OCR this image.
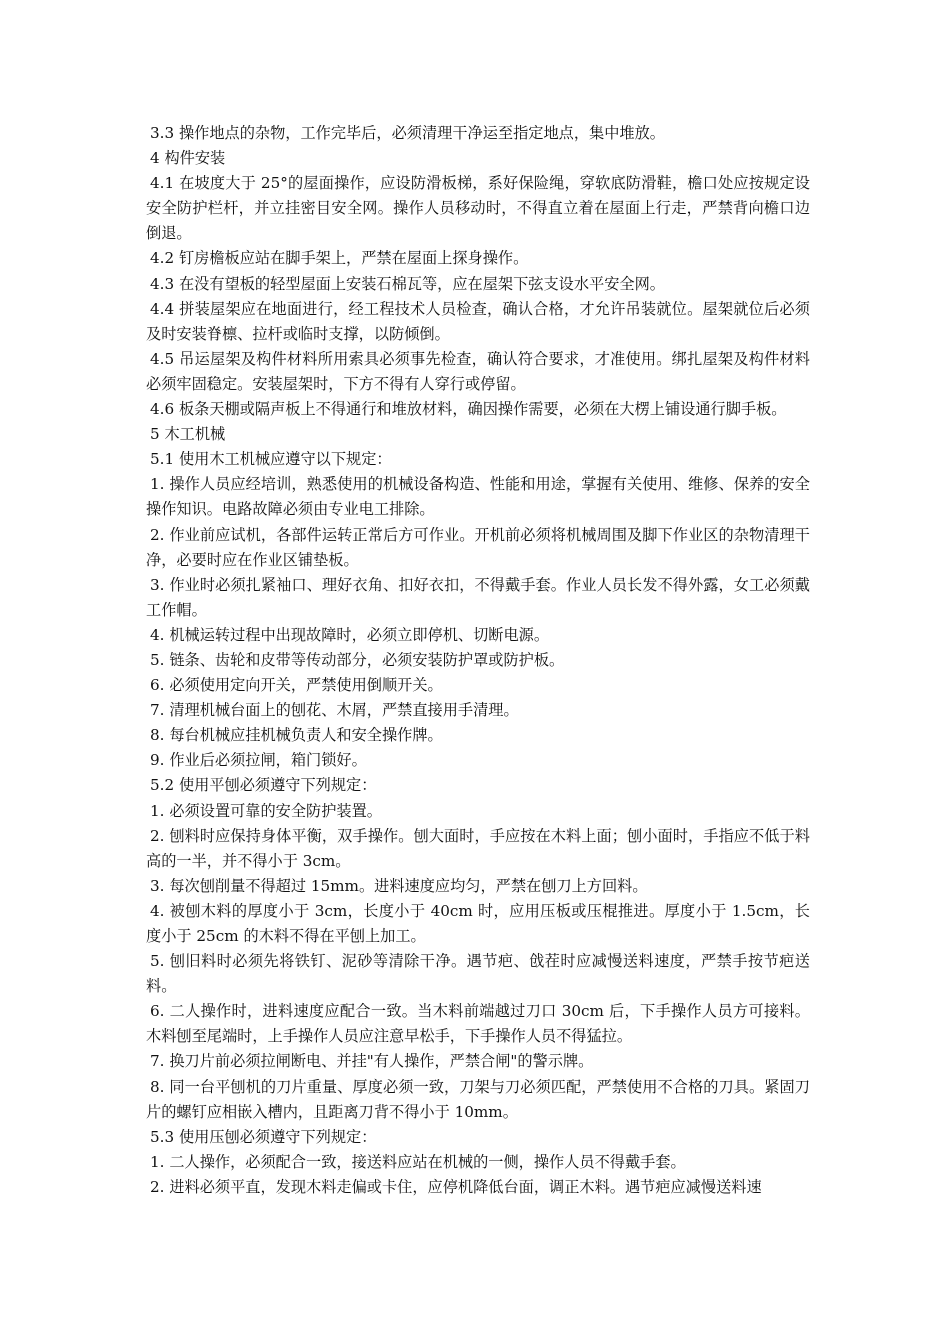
3.3 操作地点的杂物，工作完毕后，必须清理干净运至指定地点，集中堆放。

4 构件安装

4.1 在坡度大于 25°的屋面操作，应设防滑板梯，系好保险绳，穿软底防滑鞋，檐口处应按规定设安全防护栏杆，并立挂密目安全网。操作人员移动时，不得直立着在屋面上行走，严禁背向檐口边倒退。

4.2 钉房檐板应站在脚手架上，严禁在屋面上探身操作。

4.3 在没有望板的轻型屋面上安装石棉瓦等，应在屋架下弦支设水平安全网。

4.4 拼装屋架应在地面进行，经工程技术人员检查，确认合格，才允许吊装就位。屋架就位后必须及时安装脊檩、拉杆或临时支撑，以防倾倒。

4.5 吊运屋架及构件材料所用索具必须事先检查，确认符合要求，才准使用。绑扎屋架及构件材料必须牢固稳定。安装屋架时，下方不得有人穿行或停留。

4.6 板条天棚或隔声板上不得通行和堆放材料，确因操作需要，必须在大楞上铺设通行脚手板。

5 木工机械

5.1 使用木工机械应遵守以下规定：

1. 操作人员应经培训，熟悉使用的机械设备构造、性能和用途，掌握有关使用、维修、保养的安全操作知识。电路故障必须由专业电工排除。

2. 作业前应试机，各部件运转正常后方可作业。开机前必须将机械周围及脚下作业区的杂物清理干净，必要时应在作业区铺垫板。

3. 作业时必须扎紧袖口、理好衣角、扣好衣扣，不得戴手套。作业人员长发不得外露，女工必须戴工作帽。

4. 机械运转过程中出现故障时，必须立即停机、切断电源。

5. 链条、齿轮和皮带等传动部分，必须安装防护罩或防护板。

6. 必须使用定向开关，严禁使用倒顺开关。

7. 清理机械台面上的刨花、木屑，严禁直接用手清理。

8. 每台机械应挂机械负责人和安全操作牌。

9. 作业后必须拉闸，箱门锁好。

5.2 使用平刨必须遵守下列规定：

1. 必须设置可靠的安全防护装置。

2. 刨料时应保持身体平衡，双手操作。刨大面时，手应按在木料上面；刨小面时，手指应不低于料高的一半，并不得小于 3cm。

3. 每次刨削量不得超过 15mm。进料速度应均匀，严禁在刨刀上方回料。

4. 被刨木料的厚度小于 3cm，长度小于 40cm 时，应用压板或压棍推进。厚度小于 1.5cm，长度小于 25cm 的木料不得在平刨上加工。

5. 刨旧料时必须先将铁钉、泥砂等清除干净。遇节疤、戗茬时应减慢送料速度，严禁手按节疤送料。

6. 二人操作时，进料速度应配合一致。当木料前端越过刀口 30cm 后，下手操作人员方可接料。木料刨至尾端时，上手操作人员应注意早松手，下手操作人员不得猛拉。

7. 换刀片前必须拉闸断电、并挂"有人操作，严禁合闸"的警示牌。

8. 同一台平刨机的刀片重量、厚度必须一致，刀架与刀必须匹配，严禁使用不合格的刀具。紧固刀片的螺钉应相嵌入槽内，且距离刀背不得小于 10mm。

5.3 使用压刨必须遵守下列规定：

1. 二人操作，必须配合一致，接送料应站在机械的一侧，操作人员不得戴手套。

2. 进料必须平直，发现木料走偏或卡住，应停机降低台面，调正木料。遇节疤应减慢送料速
